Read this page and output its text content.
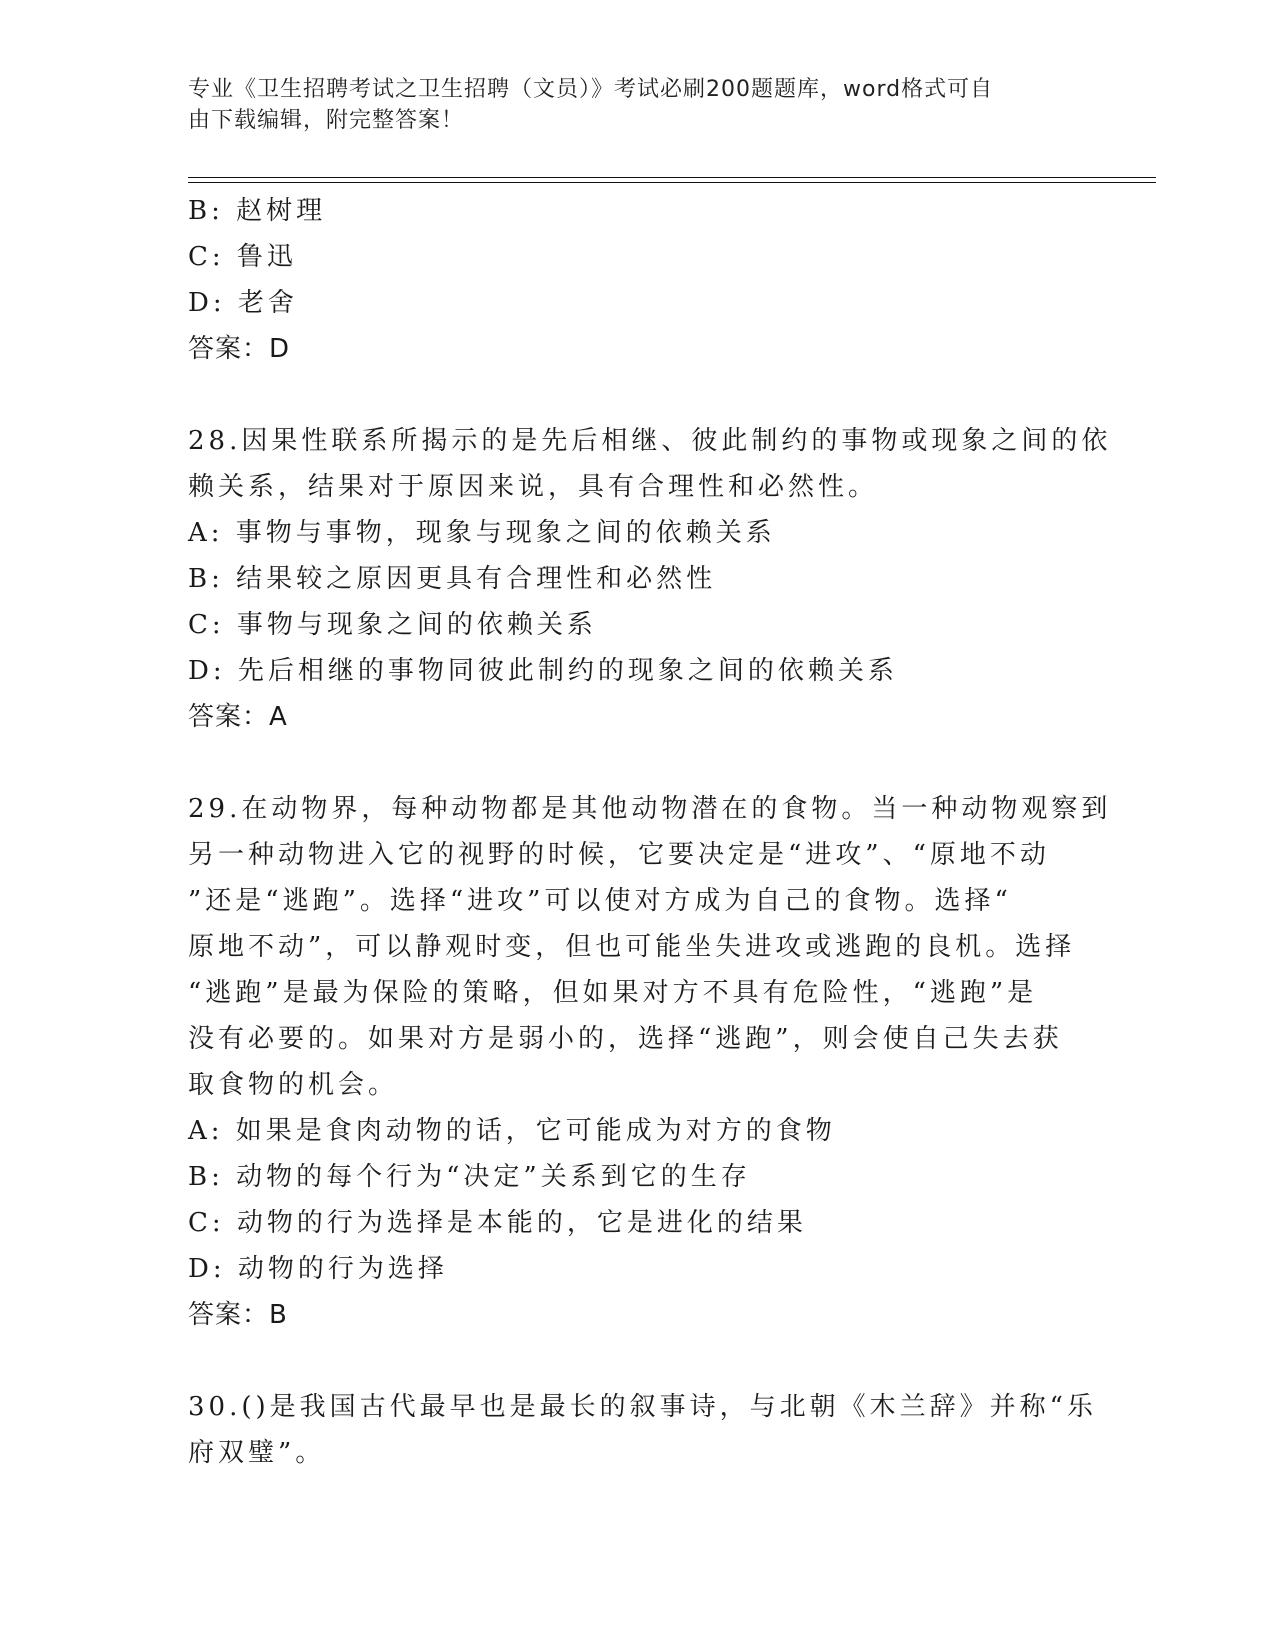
专业《卫生招聘考试之卫生招聘（文员）》考试必刷200题题库，word格式可自
由下载编辑，附完整答案！
B: 赵树理
C: 鲁迅
D: 老舍
答案：D
28.因果性联系所揭示的是先后相继、彼此制约的事物或现象之间的依
赖关系，结果对于原因来说，具有合理性和必然性。
A: 事物与事物，现象与现象之间的依赖关系
B: 结果较之原因更具有合理性和必然性
C: 事物与现象之间的依赖关系
D: 先后相继的事物同彼此制约的现象之间的依赖关系
答案：A
29.在动物界，每种动物都是其他动物潜在的食物。当一种动物观察到
另一种动物进入它的视野的时候，它要决定是“进攻”、“原地不动
”还是“逃跑”。选择“进攻”可以使对方成为自己的食物。选择“
原地不动”，可以静观时变，但也可能坐失进攻或逃跑的良机。选择
“逃跑”是最为保险的策略，但如果对方不具有危险性，“逃跑”是
没有必要的。如果对方是弱小的，选择“逃跑”，则会使自己失去获
取食物的机会。
A: 如果是食肉动物的话，它可能成为对方的食物
B: 动物的每个行为“决定”关系到它的生存
C: 动物的行为选择是本能的，它是进化的结果
D: 动物的行为选择
答案：B
30.()是我国古代最早也是最长的叙事诗，与北朝《木兰辞》并称“乐
府双璧”。
